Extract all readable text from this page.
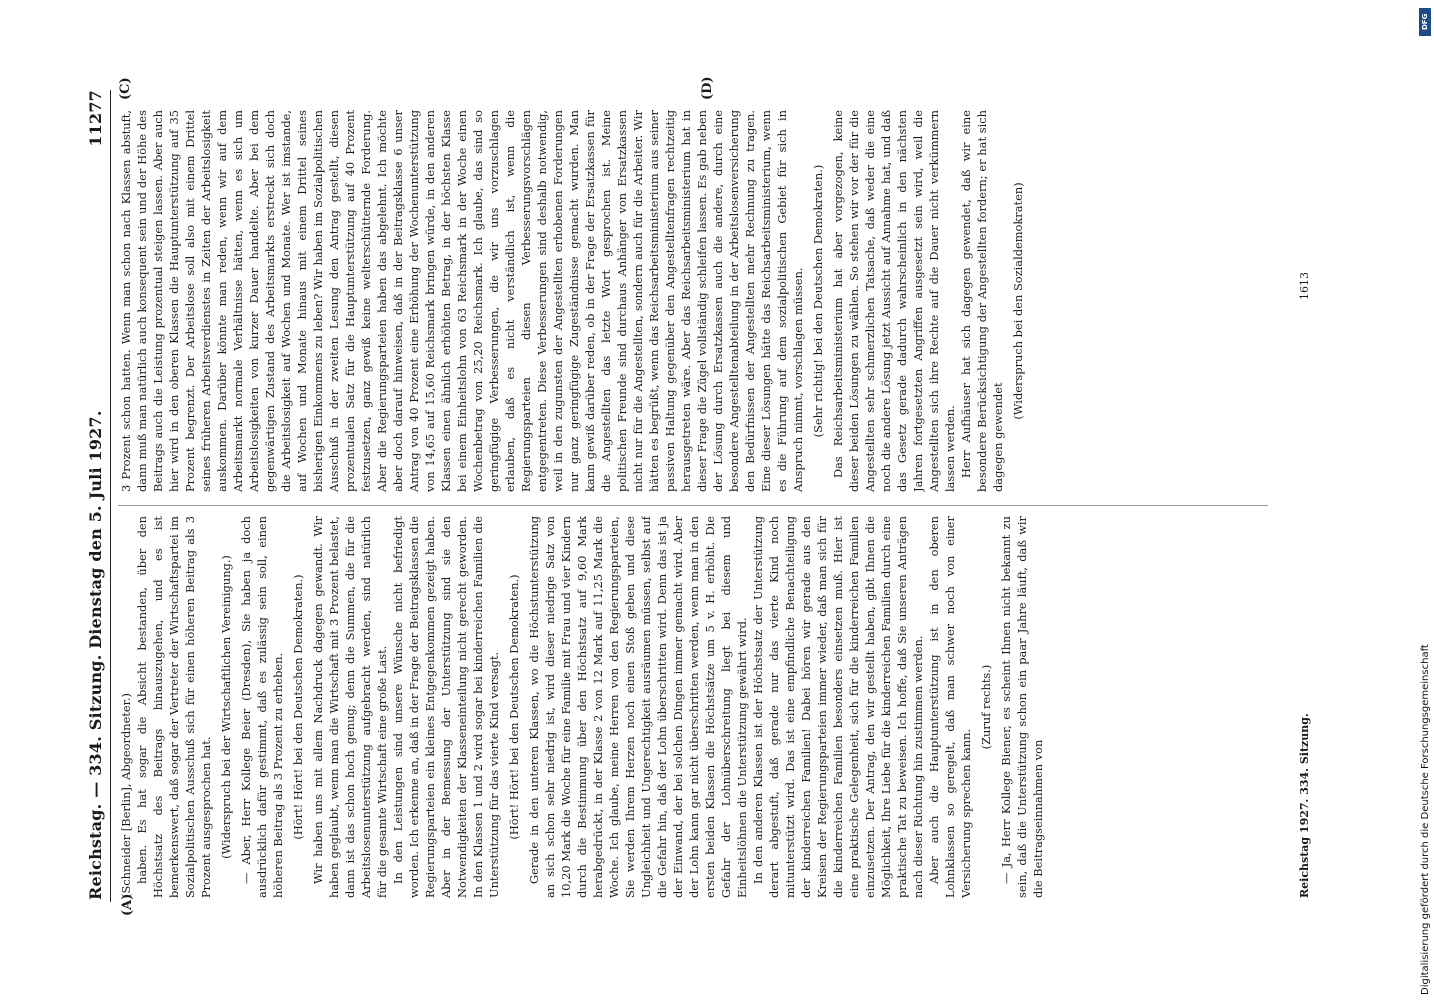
Reichstag. — 334. Sitzung. Dienstag den 5. Juli 1927.
11277
(A)
(C)	(D)

(Schneider [Berlin], Abgeordneter.) haben. Es hat sogar die Absicht bestanden, über den Höchstsatz des Beitrags hinauszugehen, und es ist bemerkenswert, daß sogar der Vertreter der Wirtschaftspartei im Sozialpolitischen Ausschuß sich für einen höheren Beitrag als 3 Prozent ausgesprochen hat. (Widerspruch bei der Wirtschaftlichen Vereinigung.) — Aber, Herr Kollege Beier (Dresden), Sie haben ja doch ausdrücklich dafür gestimmt, daß es zulässig sein soll, einen höheren Beitrag als 3 Prozent zu erheben. (Hört! Hört! bei den Deutschen Demokraten.) Wir haben uns mit allem Nachdruck dagegen gewandt. Wir haben geglaubt, wenn man die Wirtschaft mit 3 Prozent belastet, dann ist das schon hoch genug; denn die Summen, die für die Arbeitslosenunterstützung aufgebracht werden, sind natürlich für die gesamte Wirtschaft eine große Last. In den Leistungen sind unsere Wünsche nicht befriedigt worden. Ich erkenne an, daß in der Frage der Beitragsklassen die Regierungsparteien ein kleines Entgegenkommen gezeigt haben. Aber in der Bemessung der Unterstützung sind sie den Notwendigkeiten der Klasseneinteilung nicht gerecht geworden. In den Klassen 1 und 2 wird sogar bei kinderreichen Familien die Unterstützung für das vierte Kind versagt. (Hört! Hört! bei den Deutschen Demokraten.) Gerade in den unteren Klassen, wo die Höchstunterstützung an sich schon sehr niedrig ist, wird dieser niedrige Satz von 10,20 Mark die Woche für eine Familie mit Frau und vier Kindern durch die Bestimmung über den Höchstsatz auf 9,60 Mark herabgedrückt, in der Klasse 2 von 12 Mark auf 11,25 Mark die Woche. Ich glaube, meine Herren von den Regierungsparteien, Sie werden Ihrem Herzen noch einen Stoß geben und diese Ungleichheit und Ungerechtigkeit ausräumen müssen, selbst auf die Gefahr hin, daß der Lohn überschritten wird. Denn das ist ja der Einwand, der bei solchen Dingen immer gemacht wird. Aber der Lohn kann gar nicht überschritten werden, wenn man in den ersten beiden Klassen die Höchstsätze um 5 v. H. erhöht. Die Gefahr der Lohnüberschreitung liegt bei diesem und Einheitslöhnen die Unterstützung gewährt wird. In den anderen Klassen ist der Höchstsatz der Unterstützung derart abgestuft, daß gerade nur das vierte Kind noch mitunterstützt wird. Das ist eine empfindliche Benachteiligung der kinderreichen Familien! Dabei hören wir gerade aus den Kreisen der Regierungsparteien immer wieder, daß man sich für die kinderreichen Familien besonders einsetzen muß. Hier ist eine praktische Gelegenheit, sich für die kinderreichen Familien einzusetzen. Der Antrag, den wir gestellt haben, gibt Ihnen die Möglichkeit, Ihre Liebe für die kinderreichen Familien durch eine praktische Tat zu beweisen. Ich hoffe, daß Sie unseren Anträgen nach dieser Richtung hin zustimmen werden. Aber auch die Hauptunterstützung ist in den oberen Lohnklassen so geregelt, daß man schwer noch von einer Versicherung sprechen kann.

(Zuruf rechts.) — Ja, Herr Kollege Biener, es scheint Ihnen nicht bekannt zu sein, daß die Unterstützung schon ein paar Jahre läuft, daß wir die Beitragseinnahmen von

3 Prozent schon hatten. Wenn man schon nach Klassen abstuft, dann muß man natürlich auch konsequent sein und der Höhe des Beitrags auch die Leistung prozentual steigen lassen. Aber auch hier wird in den oberen Klassen die Hauptunterstützung auf 35 Prozent begrenzt. Der Arbeitslose soll also mit einem Drittel seines früheren Arbeitsverdienstes in Zeiten der Arbeitslosigkeit auskommen. Darüber könnte man reden, wenn wir auf dem Arbeitsmarkt normale Verhältnisse hätten, wenn es sich um Arbeitslosigkeiten von kurzer Dauer handelte. Aber bei dem gegenwärtigen Zustand des Arbeitsmarkts erstreckt sich doch die Arbeitslosigkeit auf Wochen und Monate. Wer ist imstande, auf Wochen und Monate hinaus mit einem Drittel seines bisherigen Einkommens zu leben? Wir haben im Sozialpolitischen Ausschuß in der zweiten Lesung den Antrag gestellt, diesen prozentualen Satz für die Hauptunterstützung auf 40 Prozent festzusetzen, ganz gewiß keine welterschütternde Forderung. Aber die Regierungsparteien haben das abgelehnt. Ich möchte aber doch darauf hinweisen, daß in der Beitragsklasse 6 unser Antrag von 40 Prozent eine Erhöhung der Wochenunterstützung von 14,65 auf 15,60 Reichsmark bringen würde, in den anderen Klassen einen ähnlich erhöhten Betrag, in der höchsten Klasse bei einem Einheitslohn von 63 Reichsmark in der Woche einen Wochenbetrag von 25,20 Reichsmark. Ich glaube, das sind so geringfügige Verbesserungen, die wir uns vorzuschlagen erlauben, daß es nicht verständlich ist, wenn die Regierungsparteien diesen Verbesserungsvorschlägen entgegentreten. Diese Verbesserungen sind deshalb notwendig, weil in den zugunsten der Angestellten erhobenen Forderungen nur ganz geringfügige Zugeständnisse gemacht wurden. Man kann gewiß darüber reden, ob in der Frage der Ersatzkassen für die Angestellten das letzte Wort gesprochen ist. Meine politischen Freunde sind durchaus Anhänger von Ersatzkassen nicht nur für die Angestellten, sondern auch für die Arbeiter. Wir hätten es begrüßt, wenn das Reichsarbeitsministerium aus seiner passiven Haltung gegenüber den Angestelltenfragen rechtzeitig herausgetreten wäre. Aber das Reichsarbeitsministerium hat in dieser Frage die Zügel vollständig schleifen lassen. Es gab neben der Lösung durch Ersatzkassen auch die andere, durch eine besondere Angestelltenabteilung in der Arbeitslosenversicherung den Bedürfnissen der Angestellten mehr Rechnung zu tragen. Eine dieser Lösungen hätte das Reichsarbeitsministerium, wenn es die Führung auf dem sozialpolitischen Gebiet für sich in Anspruch nimmt, vorschlagen müssen. (Sehr richtig! bei den Deutschen Demokraten.) Das Reichsarbeitsministerium hat aber vorgezogen, keine dieser beiden Lösungen zu wählen. So stehen wir vor der für die Angestellten sehr schmerzlichen Tatsache, daß weder die eine noch die andere Lösung jetzt Aussicht auf Annahme hat, und daß das Gesetz gerade dadurch wahrscheinlich in den nächsten Jahren fortgesetzten Angriffen ausgesetzt sein wird, weil die Angestellten sich ihre Rechte auf die Dauer nicht verkümmern lassen werden. Herr Aufhäuser hat sich dagegen gewendet, daß wir eine besondere Berücksichtigung der Angestellten fordern; er hat sich dagegen gewendet

(Widerspruch bei den Sozialdemokraten)

Reichstag 1927. 334. Sitzung.
1613
Digitalisierung gefördert durch die Deutsche Forschungsgemeinschaft
DFG
